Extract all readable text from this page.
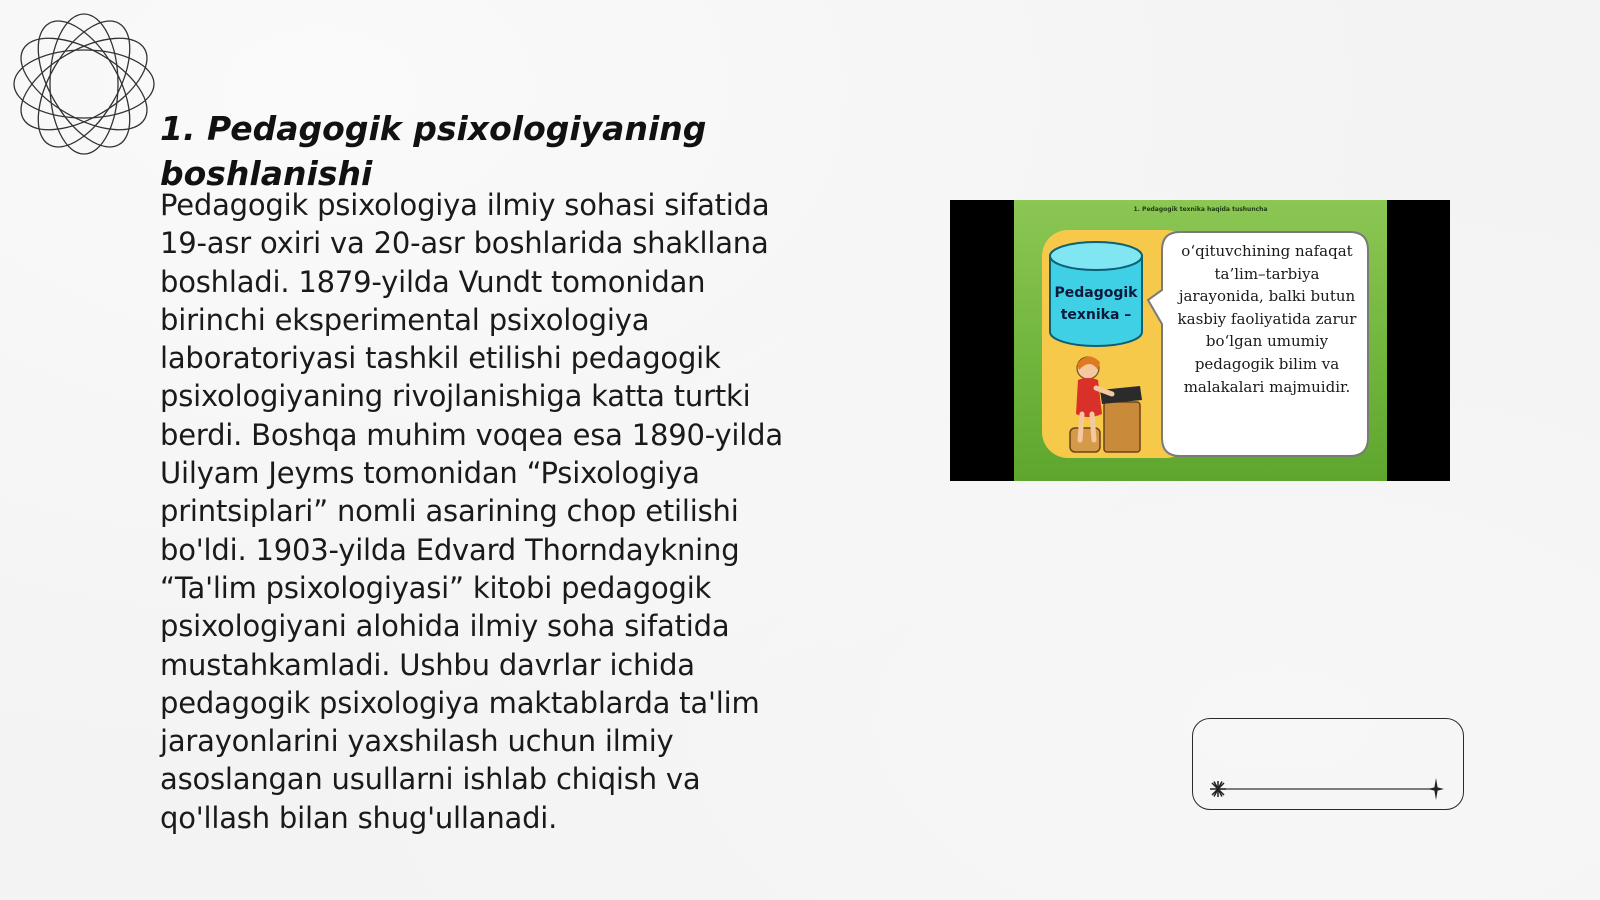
1. Pedagogik psixologiyaning boshlanishi

Pedagogik psixologiya ilmiy sohasi sifatida 19-asr oxiri va 20-asr boshlarida shakllana boshladi. 1879-yilda Vundt tomonidan birinchi eksperimental psixologiya laboratoriyasi tashkil etilishi pedagogik psixologiyaning rivojlanishiga katta turtki berdi. Boshqa muhim voqea esa 1890-yilda Uilyam Jeyms tomonidan “Psixologiya printsiplari” nomli asarining chop etilishi bo'ldi. 1903-yilda Edvard Thorndaykning “Ta'lim psixologiyasi” kitobi pedagogik psixologiyani alohida ilmiy soha sifatida mustahkamladi. Ushbu davrlar ichida pedagogik psixologiya maktablarda ta'lim jarayonlarini yaxshilash uchun ilmiy asoslangan usullarni ishlab chiqish va qo'llash bilan shug'ullanadi.

1. Pedagogik texnika haqida tushuncha
Pedagogik texnika –
o‘qituvchining nafaqat ta’lim–tarbiya jarayonida, balki butun kasbiy faoliyatida zarur bo‘lgan umumiy pedagogik bilim va malakalari majmuidir.
